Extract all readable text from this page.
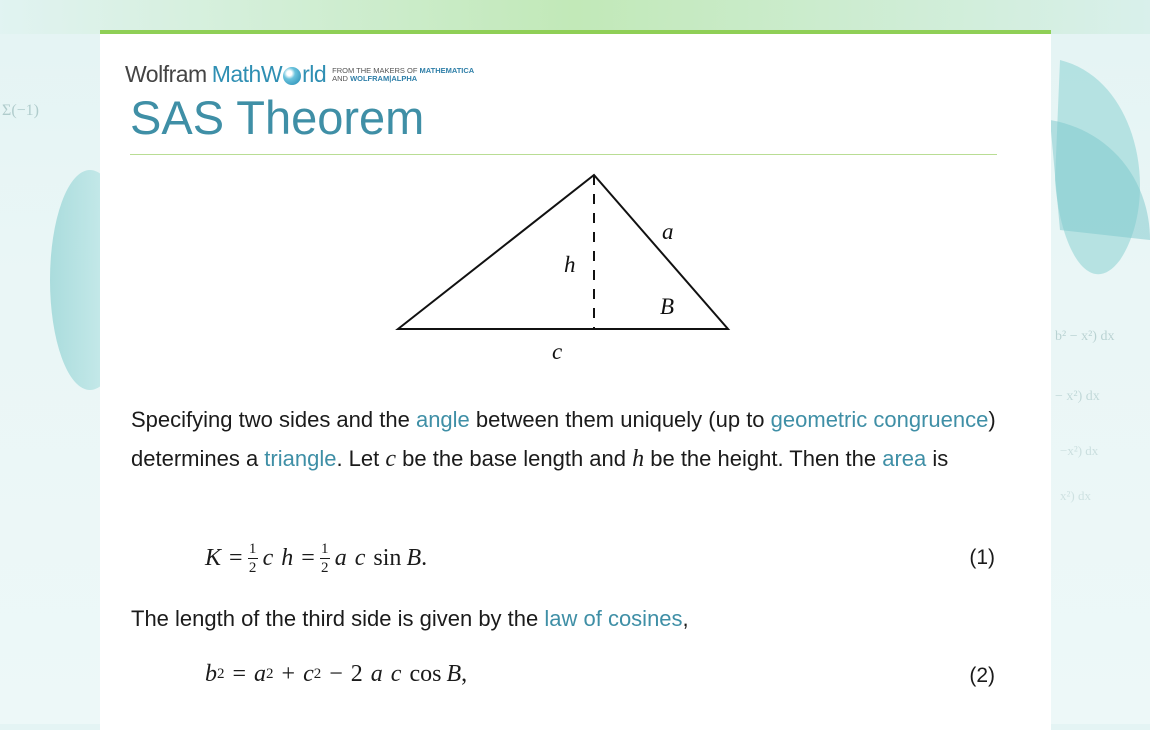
Σ(−1)
b² − x²) dx
− x²) dx
−x²) dx
x²) dx
Wolfram MathW rld FROM THE MAKERS OF MATHEMATICA
AND WOLFRAM|ALPHA
SAS Theorem
a
h
B
c

Specifying two sides and the angle between them uniquely (up to geometric congruence) determines a triangle. Let c be the base length and h be the height. Then the area is

$K = \frac{1}{2}$ c $h = \frac{1}{2}$ a c sin B .	(1)

The length of the third side is given by the law of cosines,

b 2 = a 2 + c 2 − 2 a c cos B ,	(2)
